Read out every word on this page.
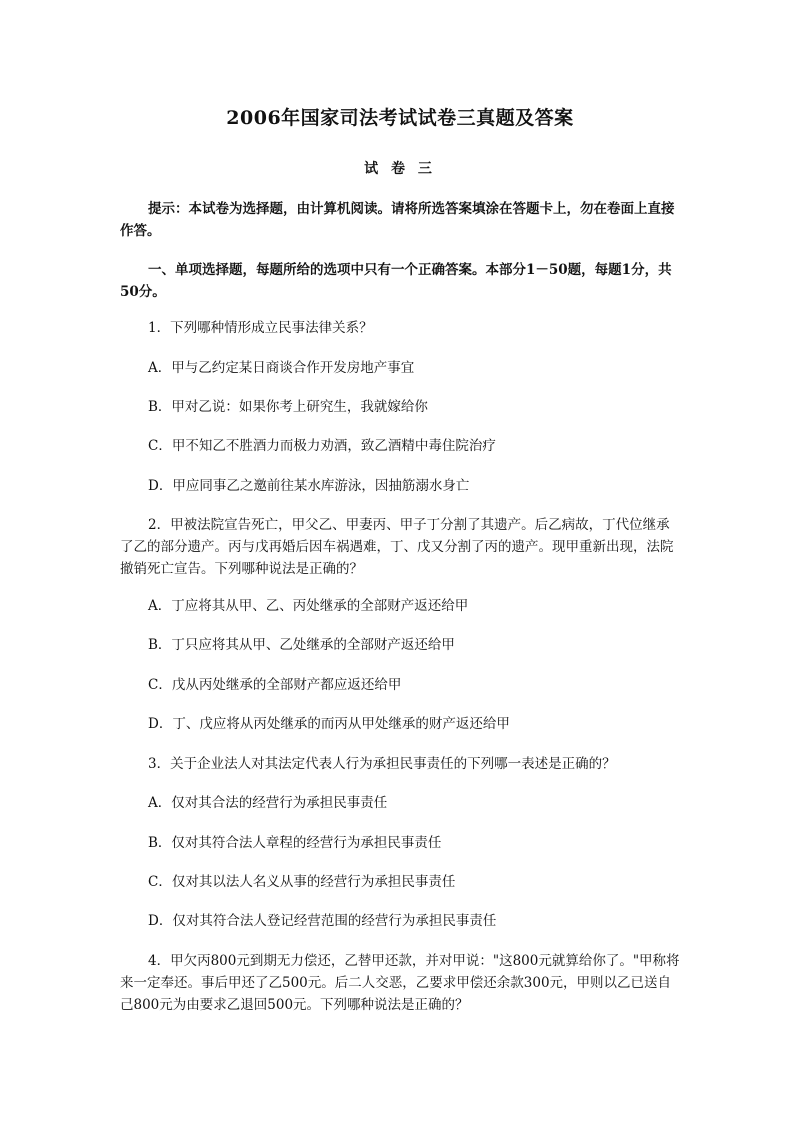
2006年国家司法考试试卷三真题及答案
试 卷 三
提示：本试卷为选择题，由计算机阅读。请将所选答案填涂在答题卡上，勿在卷面上直接作答。
一、单项选择题，每题所给的选项中只有一个正确答案。本部分1－50题，每题1分，共50分。
1．下列哪种情形成立民事法律关系？
A．甲与乙约定某日商谈合作开发房地产事宜
B．甲对乙说：如果你考上研究生，我就嫁给你
C．甲不知乙不胜酒力而极力劝酒，致乙酒精中毒住院治疗
D．甲应同事乙之邀前往某水库游泳，因抽筋溺水身亡
2．甲被法院宣告死亡，甲父乙、甲妻丙、甲子丁分割了其遗产。后乙病故，丁代位继承了乙的部分遗产。丙与戊再婚后因车祸遇难，丁、戊又分割了丙的遗产。现甲重新出现，法院撤销死亡宣告。下列哪种说法是正确的？
A．丁应将其从甲、乙、丙处继承的全部财产返还给甲
B．丁只应将其从甲、乙处继承的全部财产返还给甲
C．戊从丙处继承的全部财产都应返还给甲
D．丁、戊应将从丙处继承的而丙从甲处继承的财产返还给甲
3．关于企业法人对其法定代表人行为承担民事责任的下列哪一表述是正确的？
A．仅对其合法的经营行为承担民事责任
B．仅对其符合法人章程的经营行为承担民事责任
C．仅对其以法人名义从事的经营行为承担民事责任
D．仅对其符合法人登记经营范围的经营行为承担民事责任
4．甲欠丙800元到期无力偿还，乙替甲还款，并对甲说："这800元就算给你了。"甲称将来一定奉还。事后甲还了乙500元。后二人交恶，乙要求甲偿还余款300元，甲则以乙已送自己800元为由要求乙退回500元。下列哪种说法是正确的？
